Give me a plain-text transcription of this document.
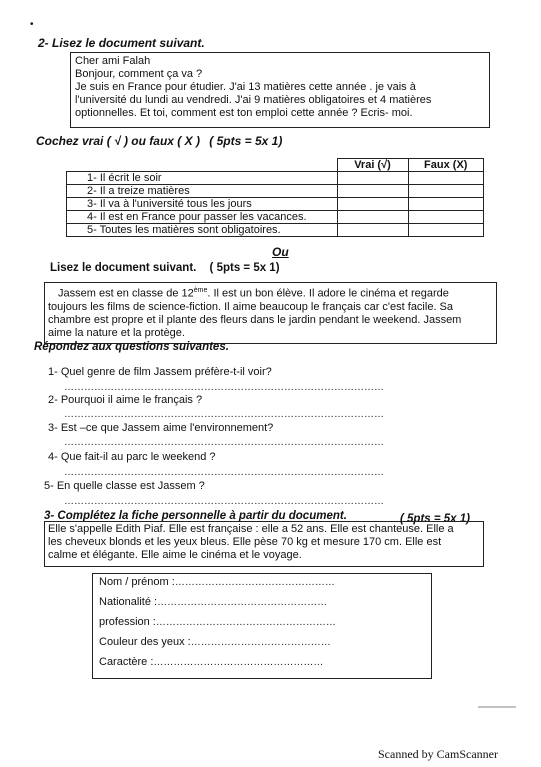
•
2- Lisez le document suivant.
Cher ami Falah
Bonjour, comment ça va ?
Je suis en France pour étudier. J'ai 13 matières cette année . je vais à
l'université du lundi au vendredi. J'ai 9 matières obligatoires et 4 matières
optionnelles. Et toi, comment est ton emploi cette année ? Ecris- moi.
Cochez vrai ( √ ) ou faux ( X ) ( 5pts = 5x 1)
	Vrai (√)	Faux (X)
1- Il écrit le soir		
2- Il a treize matières		
3- Il va à l'université tous les jours		
4- Il est en France pour passer les vacances.		
5- Toutes les matières sont obligatoires.		
Ou
Lisez le document suivant. ( 5pts = 5x 1)
Jassem est en classe de 12ème. Il est un bon élève. Il adore le cinéma et regarde
toujours les films de science-fiction. Il aime beaucoup le français car c'est facile. Sa
chambre est propre et il plante des fleurs dans le jardin pendant le weekend. Jassem
aime la nature et la protège.
Répondez aux questions suivantes.
1- Quel genre de film Jassem préfère-t-il voir?
……………………………………………………………………………………
2- Pourquoi il aime le français ?
……………………………………………………………………………………
3- Est –ce que Jassem aime l'environnement?
……………………………………………………………………………………
4- Que fait-il au parc le weekend ?
……………………………………………………………………………………
5- En quelle classe est Jassem ?
……………………………………………………………………………………
3- Complétez la fiche personnelle à partir du document.	( 5pts = 5x 1)
Elle s'appelle Edith Piaf. Elle est française : elle a 52 ans. Elle est chanteuse. Elle a
les cheveux blonds et les yeux bleus. Elle pèse 70 kg et mesure 170 cm. Elle est
calme et élégante. Elle aime le cinéma et le voyage.
Nom / prénom :…………………………………………
Nationalité :……………………………………………
profession :………………………………………………
Couleur des yeux :……………………………………
Caractère :……………………………………………
Scanned by CamScanner
